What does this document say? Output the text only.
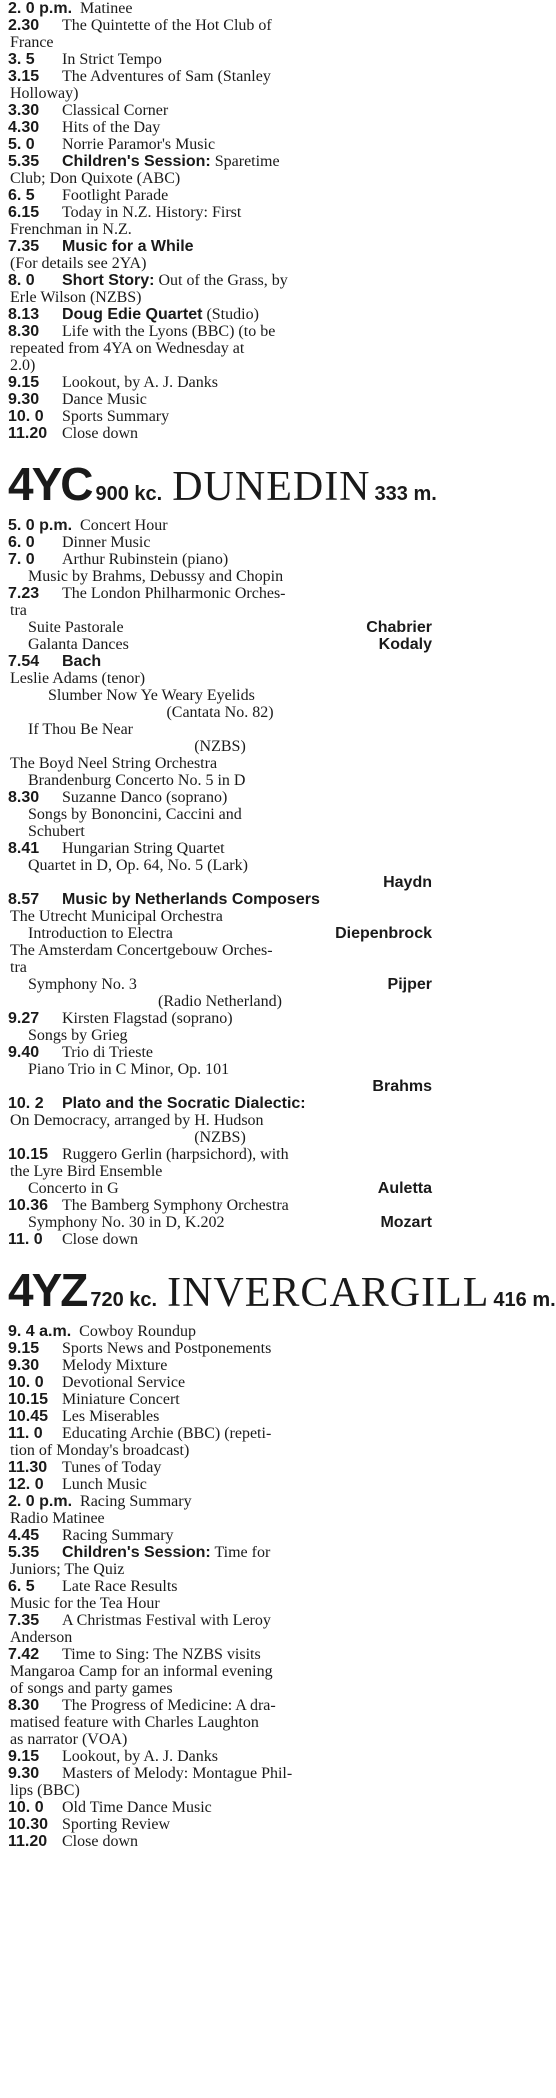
2. 0 p.m. Matinee
2.30	The Quintette of the Hot Club of
France
3. 5	In Strict Tempo
3.15	The Adventures of Sam (Stanley
Holloway)
3.30	Classical Corner
4.30	Hits of the Day
5. 0	Norrie Paramor's Music
5.35	Children's Session: Sparetime
Club; Don Quixote (ABC)
6. 5	Footlight Parade
6.15	Today in N.Z. History: First
Frenchman in N.Z.
7.35	Music for a While
(For details see 2YA)
8. 0	Short Story: Out of the Grass, by
Erle Wilson (NZBS)
8.13	Doug Edie Quartet (Studio)
8.30	Life with the Lyons (BBC) (to be
repeated from 4YA on Wednesday at
2.0)
9.15	Lookout, by A. J. Danks
9.30	Dance Music
10. 0	Sports Summary
11.20 Close down
4YC 900 kc. DUNEDIN 333 m.
5. 0 p.m. Concert Hour
6. 0	Dinner Music
7. 0	Arthur Rubinstein (piano)
Music by Brahms, Debussy and Chopin
7.23	The London Philharmonic Orches-
tra
Suite Pastorale	Chabrier
Galanta Dances	Kodaly
7.54	Bach
Leslie Adams (tenor)
Slumber Now Ye Weary Eyelids
(Cantata No. 82)
If Thou Be Near
(NZBS)
The Boyd Neel String Orchestra
Brandenburg Concerto No. 5 in D
8.30	Suzanne Danco (soprano)
Songs by Bononcini, Caccini and
Schubert
8.41	Hungarian String Quartet
Quartet in D, Op. 64, No. 5 (Lark)
Haydn
8.57	Music by Netherlands Composers
The Utrecht Municipal Orchestra
Introduction to Electra	Diepenbrock
The Amsterdam Concertgebouw Orches-
tra
Symphony No. 3	Pijper
(Radio Netherland)
9.27	Kirsten Flagstad (soprano)
Songs by Grieg
9.40	Trio di Trieste
Piano Trio in C Minor, Op. 101
Brahms
10. 2	Plato and the Socratic Dialectic:
On Democracy, arranged by H. Hudson
(NZBS)
10.15 Ruggero Gerlin (harpsichord), with
the Lyre Bird Ensemble
Concerto in G	Auletta
10.36 The Bamberg Symphony Orchestra
Symphony No. 30 in D, K.202	Mozart
11. 0	Close down
4YZ 720 kc. INVERCARGILL 416 m.
9. 4 a.m. Cowboy Roundup
9.15	Sports News and Postponements
9.30	Melody Mixture
10. 0	Devotional Service
10.15 Miniature Concert
10.45 Les Miserables
11. 0	Educating Archie (BBC) (repeti-
tion of Monday's broadcast)
11.30 Tunes of Today
12. 0	Lunch Music
2. 0 p.m. Racing Summary
Radio Matinee
4.45	Racing Summary
5.35	Children's Session: Time for
Juniors; The Quiz
6. 5	Late Race Results
Music for the Tea Hour
7.35	A Christmas Festival with Leroy
Anderson
7.42	Time to Sing: The NZBS visits
Mangaroa Camp for an informal evening
of songs and party games
8.30	The Progress of Medicine: A dra-
matised feature with Charles Laughton
as narrator (VOA)
9.15	Lookout, by A. J. Danks
9.30	Masters of Melody: Montague Phil-
lips (BBC)
10. 0	Old Time Dance Music
10.30 Sporting Review
11.20 Close down
